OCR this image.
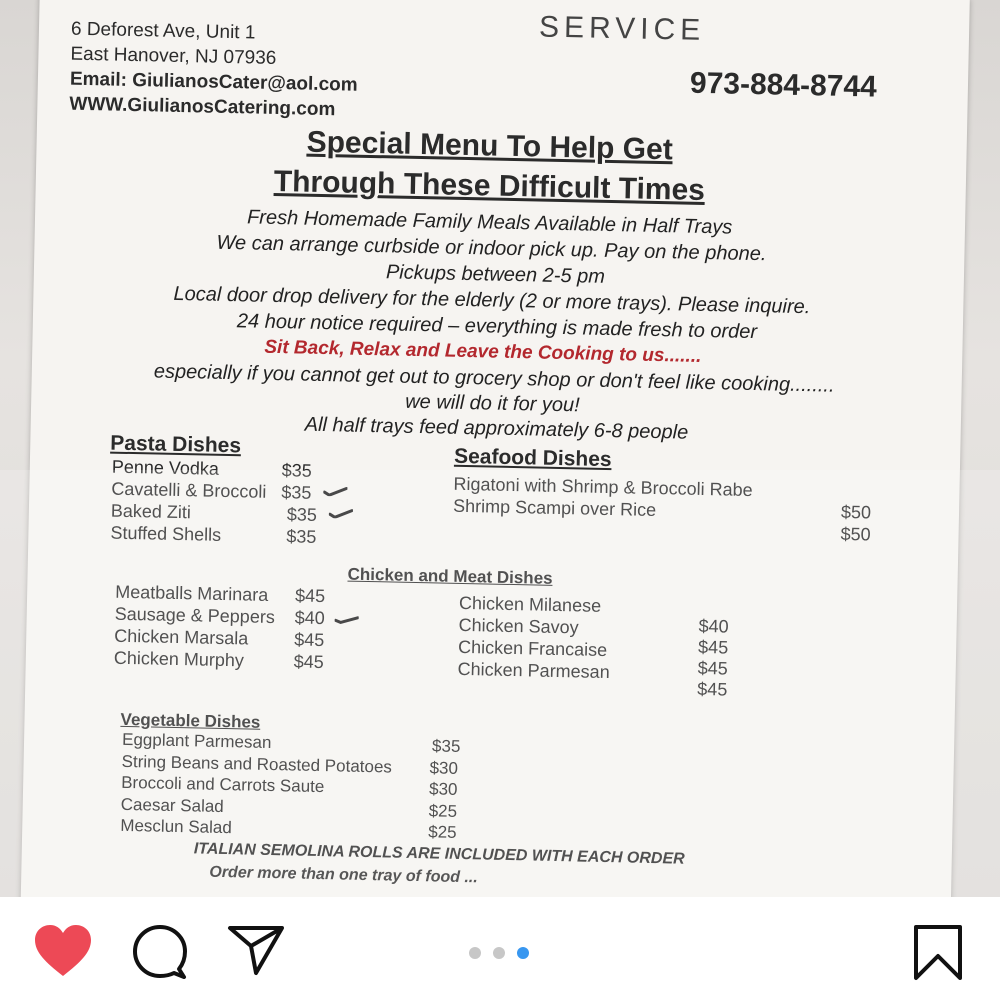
SERVICE
6 Deforest Ave, Unit 1
East Hanover, NJ 07936
Email: GiulianosCater@aol.com
WWW.GiulianosCatering.com
973-884-8744
Special Menu To Help Get
Through These Difficult Times
Fresh Homemade Family Meals Available in Half Trays
We can arrange curbside or indoor pick up. Pay on the phone.
Pickups between 2-5 pm
Local door drop delivery for the elderly (2 or more trays). Please inquire.
24 hour notice required – everything is made fresh to order
Sit Back, Relax and Leave the Cooking to us.......
especially if you cannot get out to grocery shop or don't feel like cooking........
we will do it for you!
All half trays feed approximately 6-8 people
Pasta Dishes
Penne Vodka	$35
Cavatelli & Broccoli $35
Baked Ziti	$35
Stuffed Shells	$35
Seafood Dishes
Rigatoni with Shrimp & Broccoli Rabe
$50
Shrimp Scampi over Rice
$50
Chicken and Meat Dishes
Meatballs Marinara $45
Sausage & Peppers $40
Chicken Marsala	$45
Chicken Murphy	$45
Chicken Milanese
$40
Chicken Savoy
$45
Chicken Francaise
$45
Chicken Parmesan
$45
Vegetable Dishes
Eggplant Parmesan	$35
String Beans and Roasted Potatoes $30
Broccoli and Carrots Saute	$30
Caesar Salad	$25
Mesclun Salad	$25
ITALIAN SEMOLINA ROLLS ARE INCLUDED WITH EACH ORDER
Order more than one tray of food ...
